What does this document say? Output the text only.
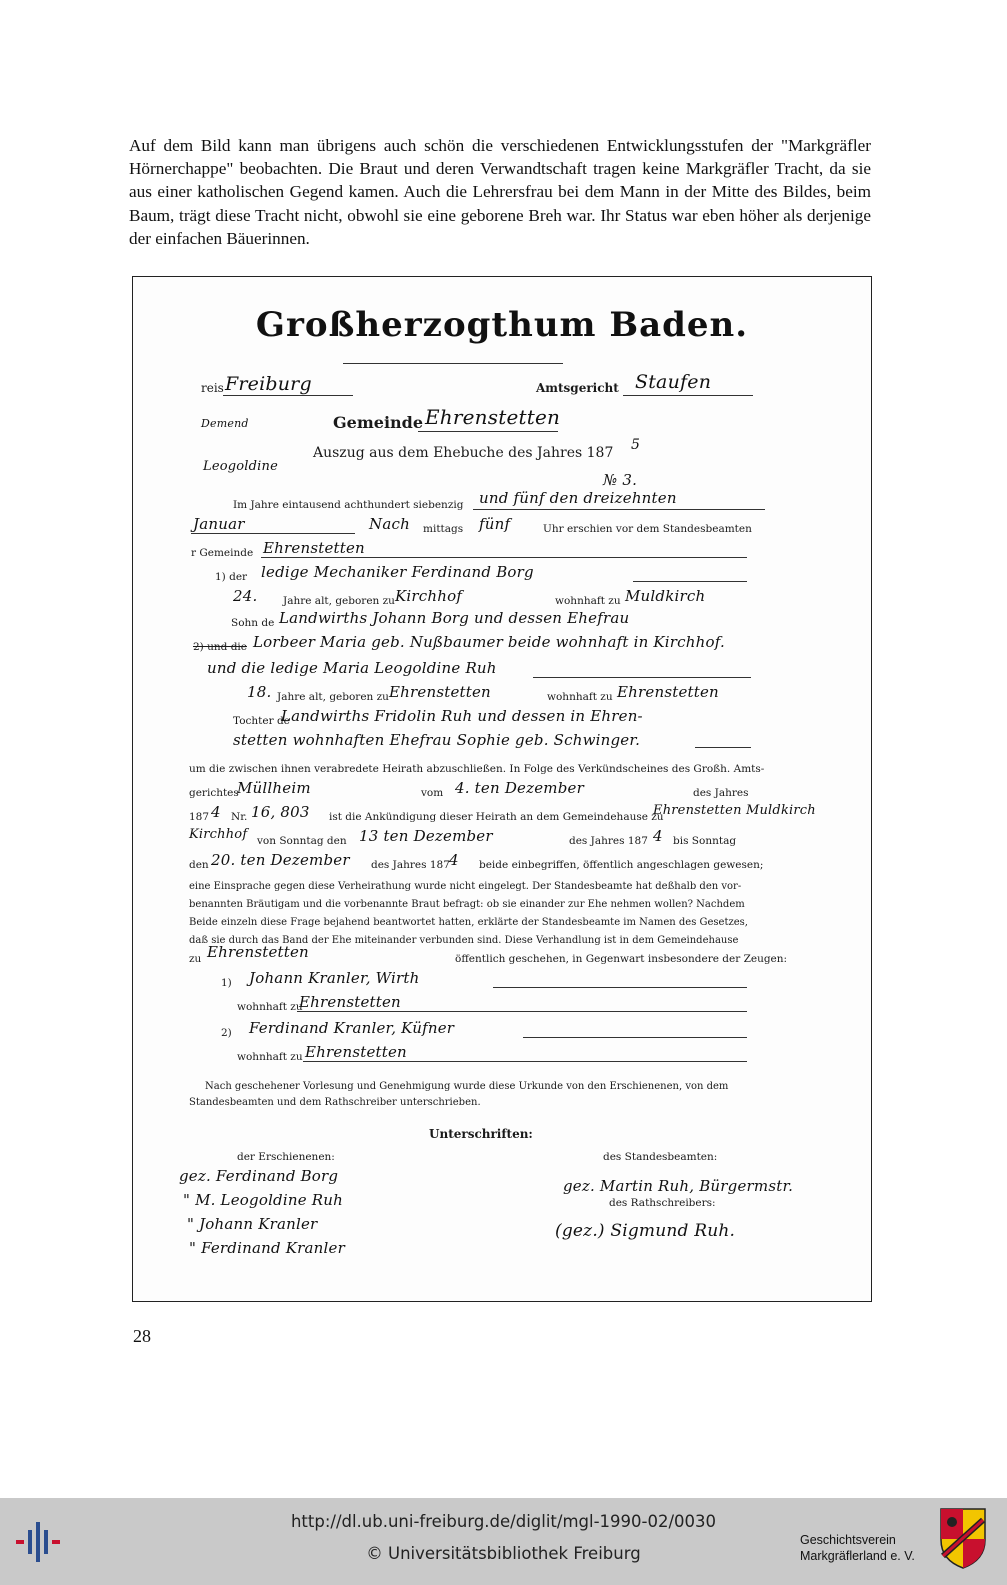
Auf dem Bild kann man übrigens auch schön die verschiedenen Entwicklungsstufen der "Markgräfler Hörnerchappe" beobachten. Die Braut und deren Verwandtschaft tragen keine Markgräfler Tracht, da sie aus einer katholischen Gegend kamen. Auch die Lehrersfrau bei dem Mann in der Mitte des Bildes, beim Baum, trägt diese Tracht nicht, obwohl sie eine geborene Breh war. Ihr Status war eben höher als derjenige der einfachen Bäuerinnen.

Großherzogthum Baden.
reis Freiburg	Amtsgericht Staufen
Demend	Gemeinde Ehrenstetten
Leogoldine
Auszug aus dem Ehebuche des Jahres 187 5
№ 3.
Im Jahre eintausend achthundert siebenzig und fünf den dreizehnten
Januar	Nach mittags fünf	Uhr erschien vor dem Standesbeamten
r Gemeinde Ehrenstetten
1) der ledige Mechaniker Ferdinand Borg
24. Jahre alt, geboren zu Kirchhof	wohnhaft zu Muldkirch
Sohn de Landwirths Johann Borg und dessen Ehefrau
2) und die Lorbeer Maria geb. Nußbaumer beide wohnhaft in Kirchhof.
und die ledige Maria Leogoldine Ruh
18. Jahre alt, geboren zu Ehrenstetten	wohnhaft zu Ehrenstetten
Tochter de
Landwirths Fridolin Ruh und dessen in Ehren-
stetten wohnhaften Ehefrau Sophie geb. Schwinger.
um die zwischen ihnen verabredete Heirath abzuschließen. In Folge des Verkündscheines des Großh. Amts-
gerichtes
Müllheim	vom 4. ten Dezember	des Jahres
187 4 Nr. 16, 803 ist die Ankündigung dieser Heirath an dem Gemeindehause zu
Ehrenstetten Muldkirch
Kirchhof von Sonntag den 13 ten Dezember	des Jahres 187 4 bis Sonntag
den 20. ten Dezember des Jahres 187 4 beide einbegriffen, öffentlich angeschlagen gewesen;
eine Einsprache gegen diese Verheirathung wurde nicht eingelegt. Der Standesbeamte hat deßhalb den vor-
benannten Bräutigam und die vorbenannte Braut befragt: ob sie einander zur Ehe nehmen wollen? Nachdem
Beide einzeln diese Frage bejahend beantwortet hatten, erklärte der Standesbeamte im Namen des Gesetzes,
daß sie durch das Band der Ehe miteinander verbunden sind. Diese Verhandlung ist in dem Gemeindehause
zu Ehrenstetten	öffentlich geschehen, in Gegenwart insbesondere der Zeugen:
1) Johann Kranler, Wirth
wohnhaft zu
Ehrenstetten
2) Ferdinand Kranler, Küfner
wohnhaft zu Ehrenstetten
Nach geschehener Vorlesung und Genehmigung wurde diese Urkunde von den Erschienenen, von dem
Standesbeamten und dem Rathschreiber unterschrieben.
Unterschriften:
der Erschienenen:	des Standesbeamten:
gez. Ferdinand Borg
" M. Leogoldine Ruh
" Johann Kranler
" Ferdinand Kranler
gez. Martin Ruh, Bürgermstr.
des Rathschreibers:
(gez.) Sigmund Ruh.
28
http://dl.ub.uni-freiburg.de/diglit/mgl-1990-02/0030
© Universitätsbibliothek Freiburg
Geschichtsverein
Markgräflerland e. V.
